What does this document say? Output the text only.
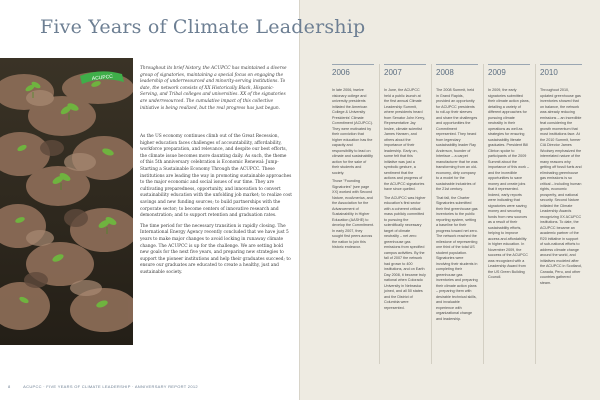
Five Years of Climate Leadership
ACUPCC
Throughout its brief history, the ACUPCC has maintained a diverse group of signatories, maintaining a special focus on engaging the leadership of underresourced and minority-serving institutions. To date, the network consists of XX Historically Black, Hispanic-Serving, and Tribal colleges and universities. XX of the signatories are underresourced. The cumulative impact of this collective initiative is being realized, but the real progress has just begun.

As the US economy continues climb out of the Great Recession, higher education faces challenges of accountability, affordability, workforce preparation, and relevance, and despite our best efforts, the climate issue becomes more daunting daily. As such, the theme of this 5th anniversary celebration is Economic Renewal: Jump-Starting a Sustainable Economy Through the ACUPCC. These institutions are leading the way in promoting sustainable approaches to the major economic and social issues of our time. They are cultivating preparedness, opportunity, and innovation to convert sustainability education with the unfolding job market; to realize cost savings and new funding sources; to build partnerships with the corporate sector; to become centers of innovative research and demonstration; and to support retention and graduation rates.

The time period for the necessary transition is rapidly closing. The International Energy Agency recently concluded that we have just 5 years to make major changes to avoid locking in runaway climate change. The ACUPCC is up for the challenge. We are setting bold new goals for the next five years, and preparing new strategies to support the pioneer institutions and help their graduates succeed; to ensure our graduates are educated to create a healthy, just and sustainable society.

2006

In late 2006, twelve visionary college and university presidents initiated the American College & University Presidents' Climate Commitment (ACUPCC). They were motivated by their conviction that higher education has the capacity and responsibility to lead on climate and sustainability action for the sake of their students and society.

Those "Founding Signatories" (see page XX) worked with Second Nature, ecoAmerica, and the Association for the Advancement of Sustainability in Higher Education (AASHE) to develop the Commitment. In early 2007, they sought first peers across the nation to join this historic endeavor.

2007

In June, the ACUPCC held a public launch at the first annual Climate Leadership Summit, where presidents heard from Senator John Kerry, Representative Jay Inslee, climate scientist James Hansen, and others about the importance of their leadership. Early on, some felt that this initiative was just a symbolic gesture, a sentiment that the actions and progress of the ACUPCC signatories have since quelled.

The ACUPCC was higher education's first sector with a coherent critical mass publicly committed to pursuing the scientifically necessary target of climate neutrality – net zero greenhouse gas emissions from specified campus activities. By the fall of 2007 the network had grown to 400 institutions, and on Earth Day 2008, it became truly national when Colorado University in Nebraska joined, and all 50 states and the District of Columbia were represented.

2008

The 2008 Summit, held in Grand Rapids, provided an opportunity for ACUPCC presidents to roll-up their sleeves and share the challenges and opportunities the Commitment represented. They heard from legendary sustainability leader Ray Anderson, founder of Interface – a carpet manufacturer that he was transforming from an old-economy, dirty company to a model for the sustainable industries of the 21st century.

That fall, the Charter Signatories submitted their first greenhouse gas inventories to the public reporting system, setting a baseline for their progress toward net zero. The network reached the milestone of representing one third of the total US student population. Signatories were involving their students in completing their greenhouse gas inventories and preparing their climate action plans – preparing them with desirable technical skills, and invaluable experience with organizational change and leadership.

2009

In 2009, the early signatories submitted their climate action plans, detailing a variety of different approaches for pursuing climate neutrality in their operations as well as strategies for ensuring sustainability literate graduates. President Bill Clinton spoke to participants of the 2009 Summit about the importance of this work – and the incredible opportunities to save money and create jobs that it represented. Indeed, early reports were indicating that signatories were saving money and securing funds from new sources as a result of their sustainability efforts, helping to improve access and affordability in higher education. In November 2009, the success of the ACUPCC was recognized with a Leadership Award from the US Green Building Council.

2010

Throughout 2010, updated greenhouse gas inventories showed that on balance, the network was already reducing emissions – an incredible feat considering the growth momentum that most institutions face. At the 2010 Summit, former CIA Director James Woolsey emphasized the interrelated nature of the many reasons why getting off fossil fuels and eliminating greenhouse gas emissions is so critical – including human rights, economic prosperity, and national security. Second Nature initiated the Climate Leadership Awards recognizing XX ACUPCC institutions. To date, the ACUPCC became an academic partner of the R20 initiative in support of sub-national efforts to address climate change around the world, and initiatives modeled after the ACUPCC in Scotland, Canada, Peru, and other countries gathered steam.

8	ACUPCC · FIVE YEARS OF CLIMATE LEADERSHIP · ANNIVERSARY REPORT 2012
